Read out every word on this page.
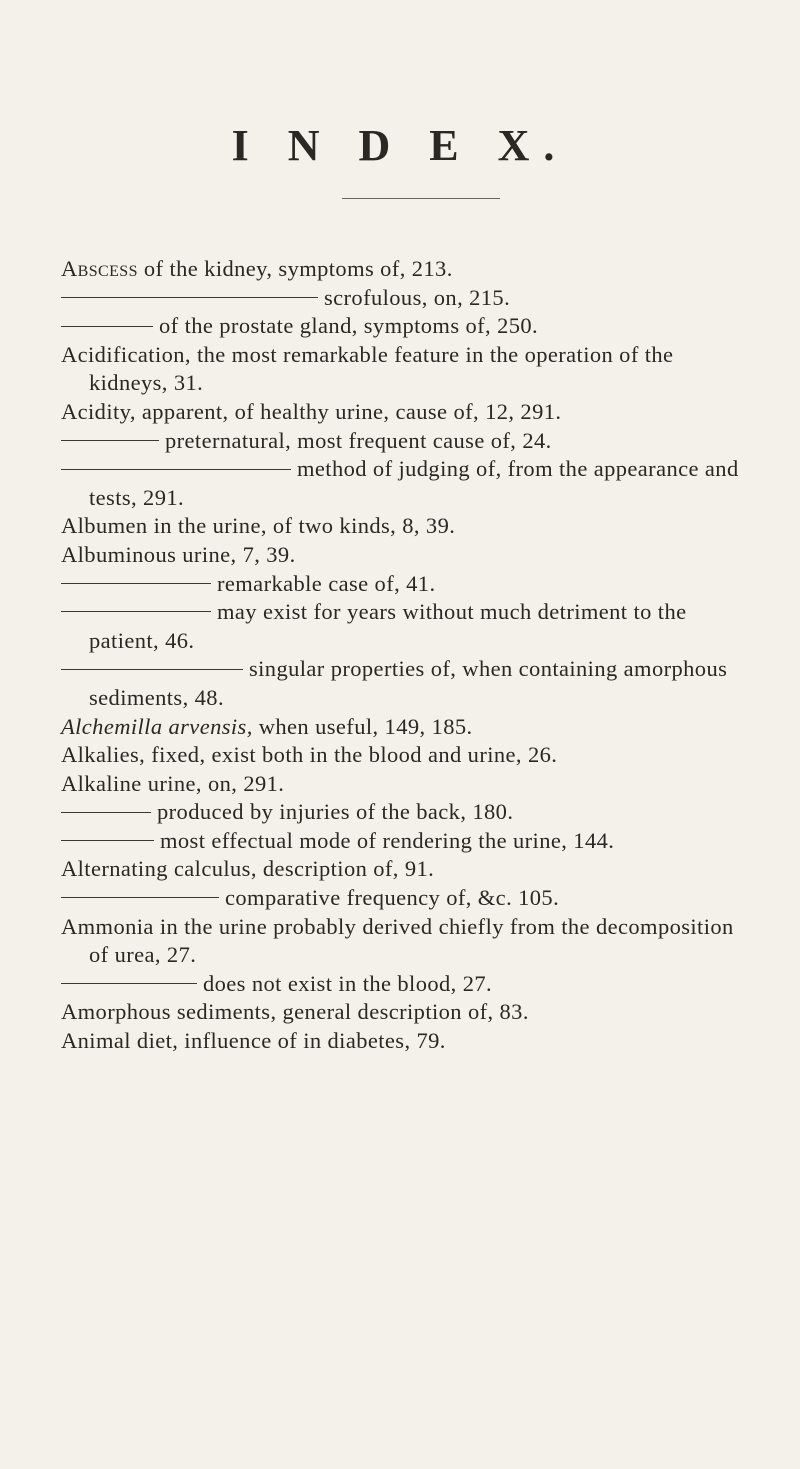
I N D E X.
Abscess of the kidney, symptoms of, 213.
scrofulous, on, 215.
of the prostate gland, symptoms of, 250.
Acidification, the most remarkable feature in the operation of the kidneys, 31.
Acidity, apparent, of healthy urine, cause of, 12, 291.
preternatural, most frequent cause of, 24.
method of judging of, from the appearance and tests, 291.
Albumen in the urine, of two kinds, 8, 39.
Albuminous urine, 7, 39.
remarkable case of, 41.
may exist for years without much detriment to the patient, 46.
singular properties of, when containing amorphous sediments, 48.
Alchemilla arvensis, when useful, 149, 185.
Alkalies, fixed, exist both in the blood and urine, 26.
Alkaline urine, on, 291.
produced by injuries of the back, 180.
most effectual mode of rendering the urine, 144.
Alternating calculus, description of, 91.
comparative frequency of, &c. 105.
Ammonia in the urine probably derived chiefly from the decomposition of urea, 27.
does not exist in the blood, 27.
Amorphous sediments, general description of, 83.
Animal diet, influence of in diabetes, 79.
